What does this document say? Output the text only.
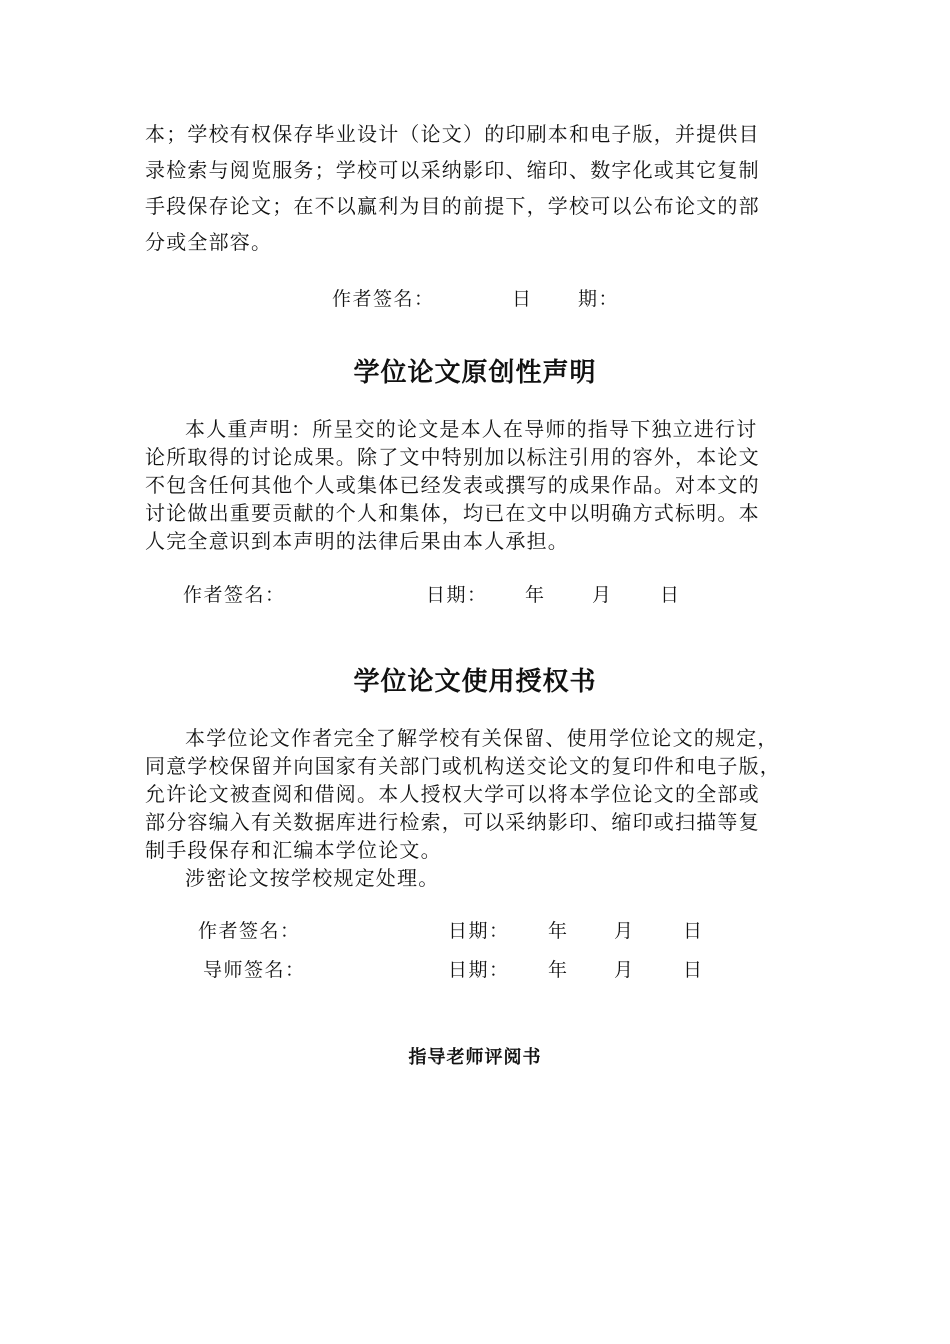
本；学校有权保存毕业设计（论文）的印刷本和电子版，并提供目
录检索与阅览服务；学校可以采纳影印、缩印、数字化或其它复制
手段保存论文；在不以赢利为目的前提下，学校可以公布论文的部
分或全部容。
作者签名：	日 期：
学位论文原创性声明
本人重声明：所呈交的论文是本人在导师的指导下独立进行讨
论所取得的讨论成果。除了文中特别加以标注引用的容外，本论文
不包含任何其他个人或集体已经发表或撰写的成果作品。对本文的
讨论做出重要贡献的个人和集体，均已在文中以明确方式标明。本
人完全意识到本声明的法律后果由本人承担。
作者签名：	日期： 年 月 日
学位论文使用授权书
本学位论文作者完全了解学校有关保留、使用学位论文的规定，
同意学校保留并向国家有关部门或机构送交论文的复印件和电子版，
允许论文被查阅和借阅。本人授权大学可以将本学位论文的全部或
部分容编入有关数据库进行检索，可以采纳影印、缩印或扫描等复
制手段保存和汇编本学位论文。
涉密论文按学校规定处理。
作者签名：	日期： 年 月	日
导师签名：	日期： 年 月	日
指导老师评阅书
